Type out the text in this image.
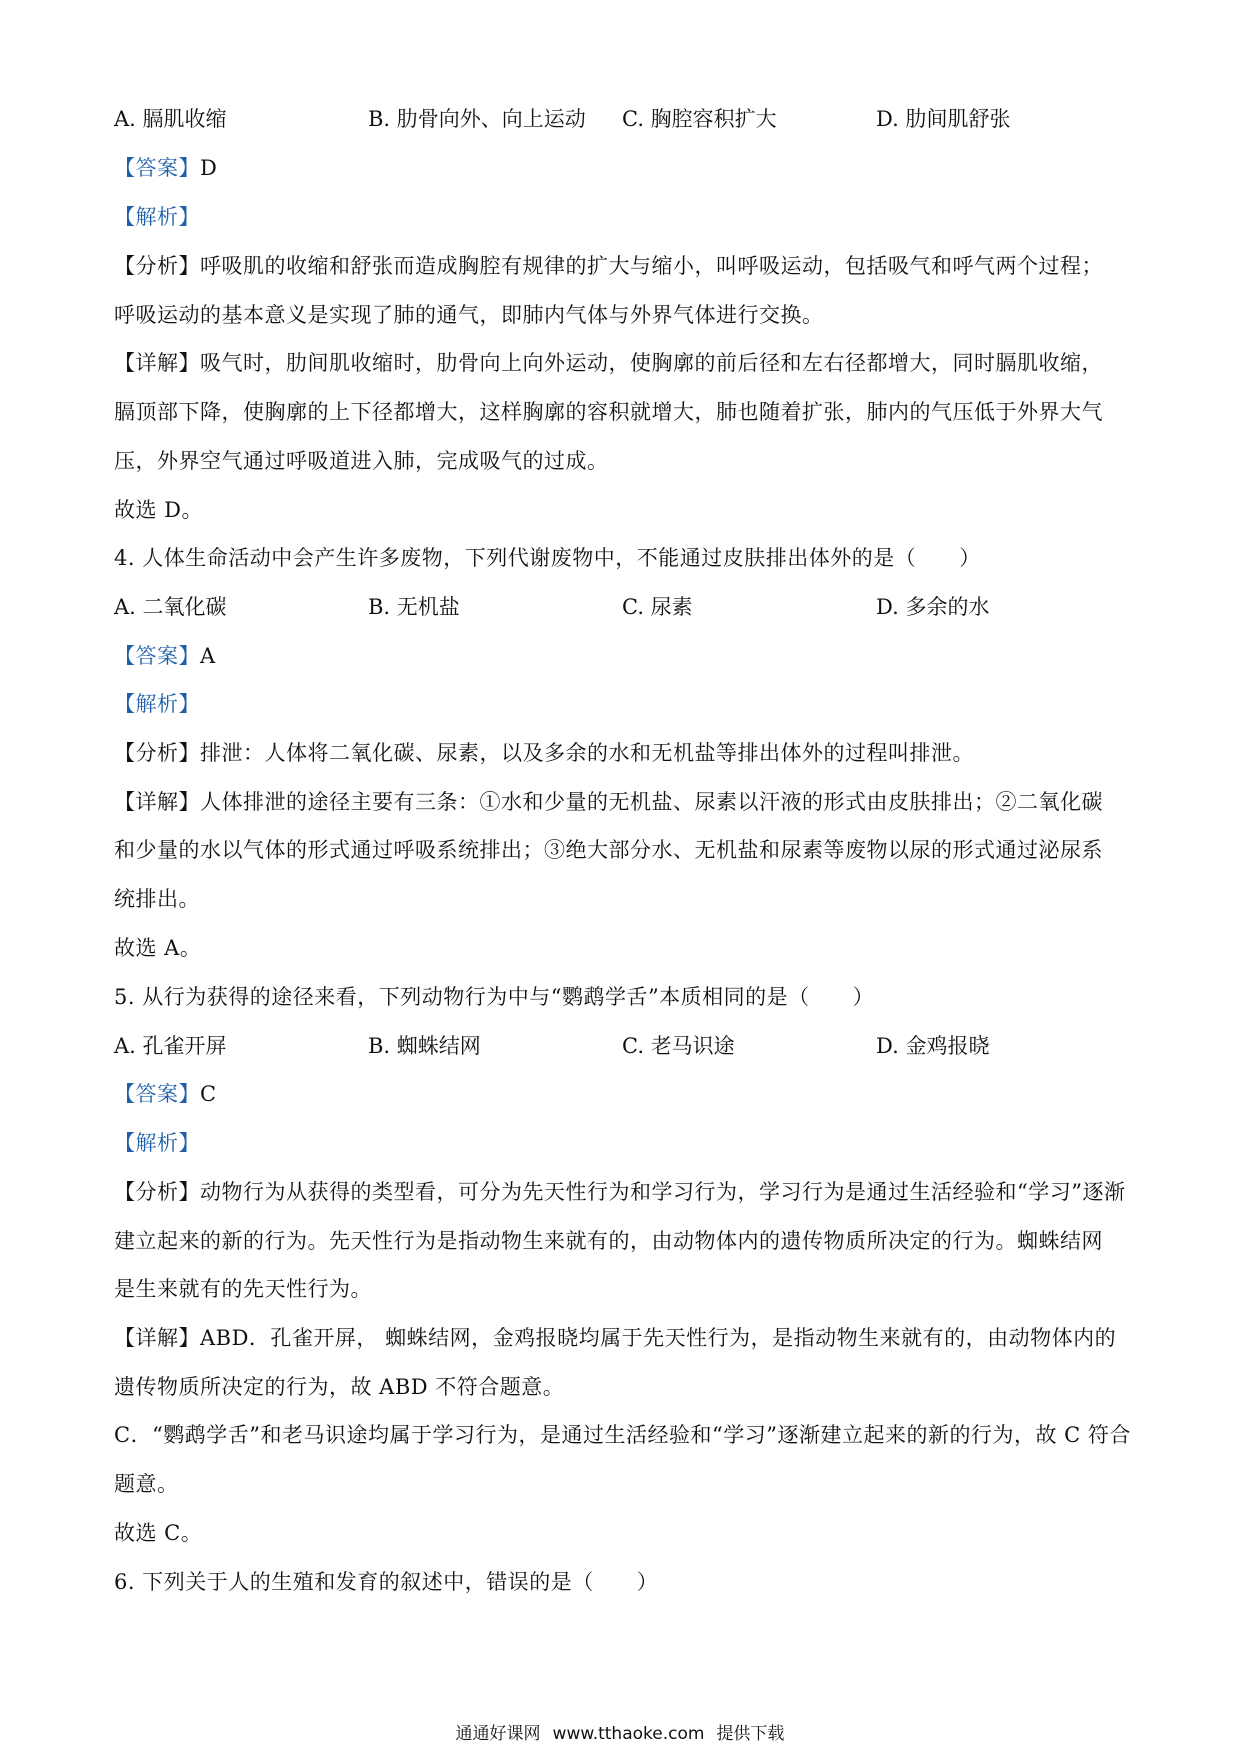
A. 膈肌收缩	B. 肋骨向外、向上运动 C. 胸腔容积扩大	D. 肋间肌舒张
【答案】D
【解析】
【分析】呼吸肌的收缩和舒张而造成胸腔有规律的扩大与缩小，叫呼吸运动，包括吸气和呼气两个过程；
呼吸运动的基本意义是实现了肺的通气，即肺内气体与外界气体进行交换。
【详解】吸气时，肋间肌收缩时，肋骨向上向外运动，使胸廓的前后径和左右径都增大，同时膈肌收缩，
膈顶部下降，使胸廓的上下径都增大，这样胸廓的容积就增大，肺也随着扩张，肺内的气压低于外界大气
压，外界空气通过呼吸道进入肺，完成吸气的过成。
故选 D。
4. 人体生命活动中会产生许多废物，下列代谢废物中，不能通过皮肤排出体外的是（　　）
A. 二氧化碳	B. 无机盐	C. 尿素	D. 多余的水
【答案】A
【解析】
【分析】排泄：人体将二氧化碳、尿素，以及多余的水和无机盐等排出体外的过程叫排泄。
【详解】人体排泄的途径主要有三条：①水和少量的无机盐、尿素以汗液的形式由皮肤排出；②二氧化碳
和少量的水以气体的形式通过呼吸系统排出；③绝大部分水、无机盐和尿素等废物以尿的形式通过泌尿系
统排出。
故选 A。
5. 从行为获得的途径来看，下列动物行为中与“鹦鹉学舌”本质相同的是（　　）
A. 孔雀开屏	B. 蜘蛛结网	C. 老马识途	D. 金鸡报晓
【答案】C
【解析】
【分析】动物行为从获得的类型看，可分为先天性行为和学习行为，学习行为是通过生活经验和“学习”逐渐
建立起来的新的行为。先天性行为是指动物生来就有的，由动物体内的遗传物质所决定的行为。蜘蛛结网
是生来就有的先天性行为。
【详解】ABD．孔雀开屏， 蜘蛛结网，金鸡报晓均属于先天性行为，是指动物生来就有的，由动物体内的
遗传物质所决定的行为，故 ABD 不符合题意。
C．“鹦鹉学舌”和老马识途均属于学习行为，是通过生活经验和“学习”逐渐建立起来的新的行为，故 C 符合
题意。
故选 C。
6. 下列关于人的生殖和发育的叙述中，错误的是（　　）
通通好课网 www.tthaoke.com 提供下载
